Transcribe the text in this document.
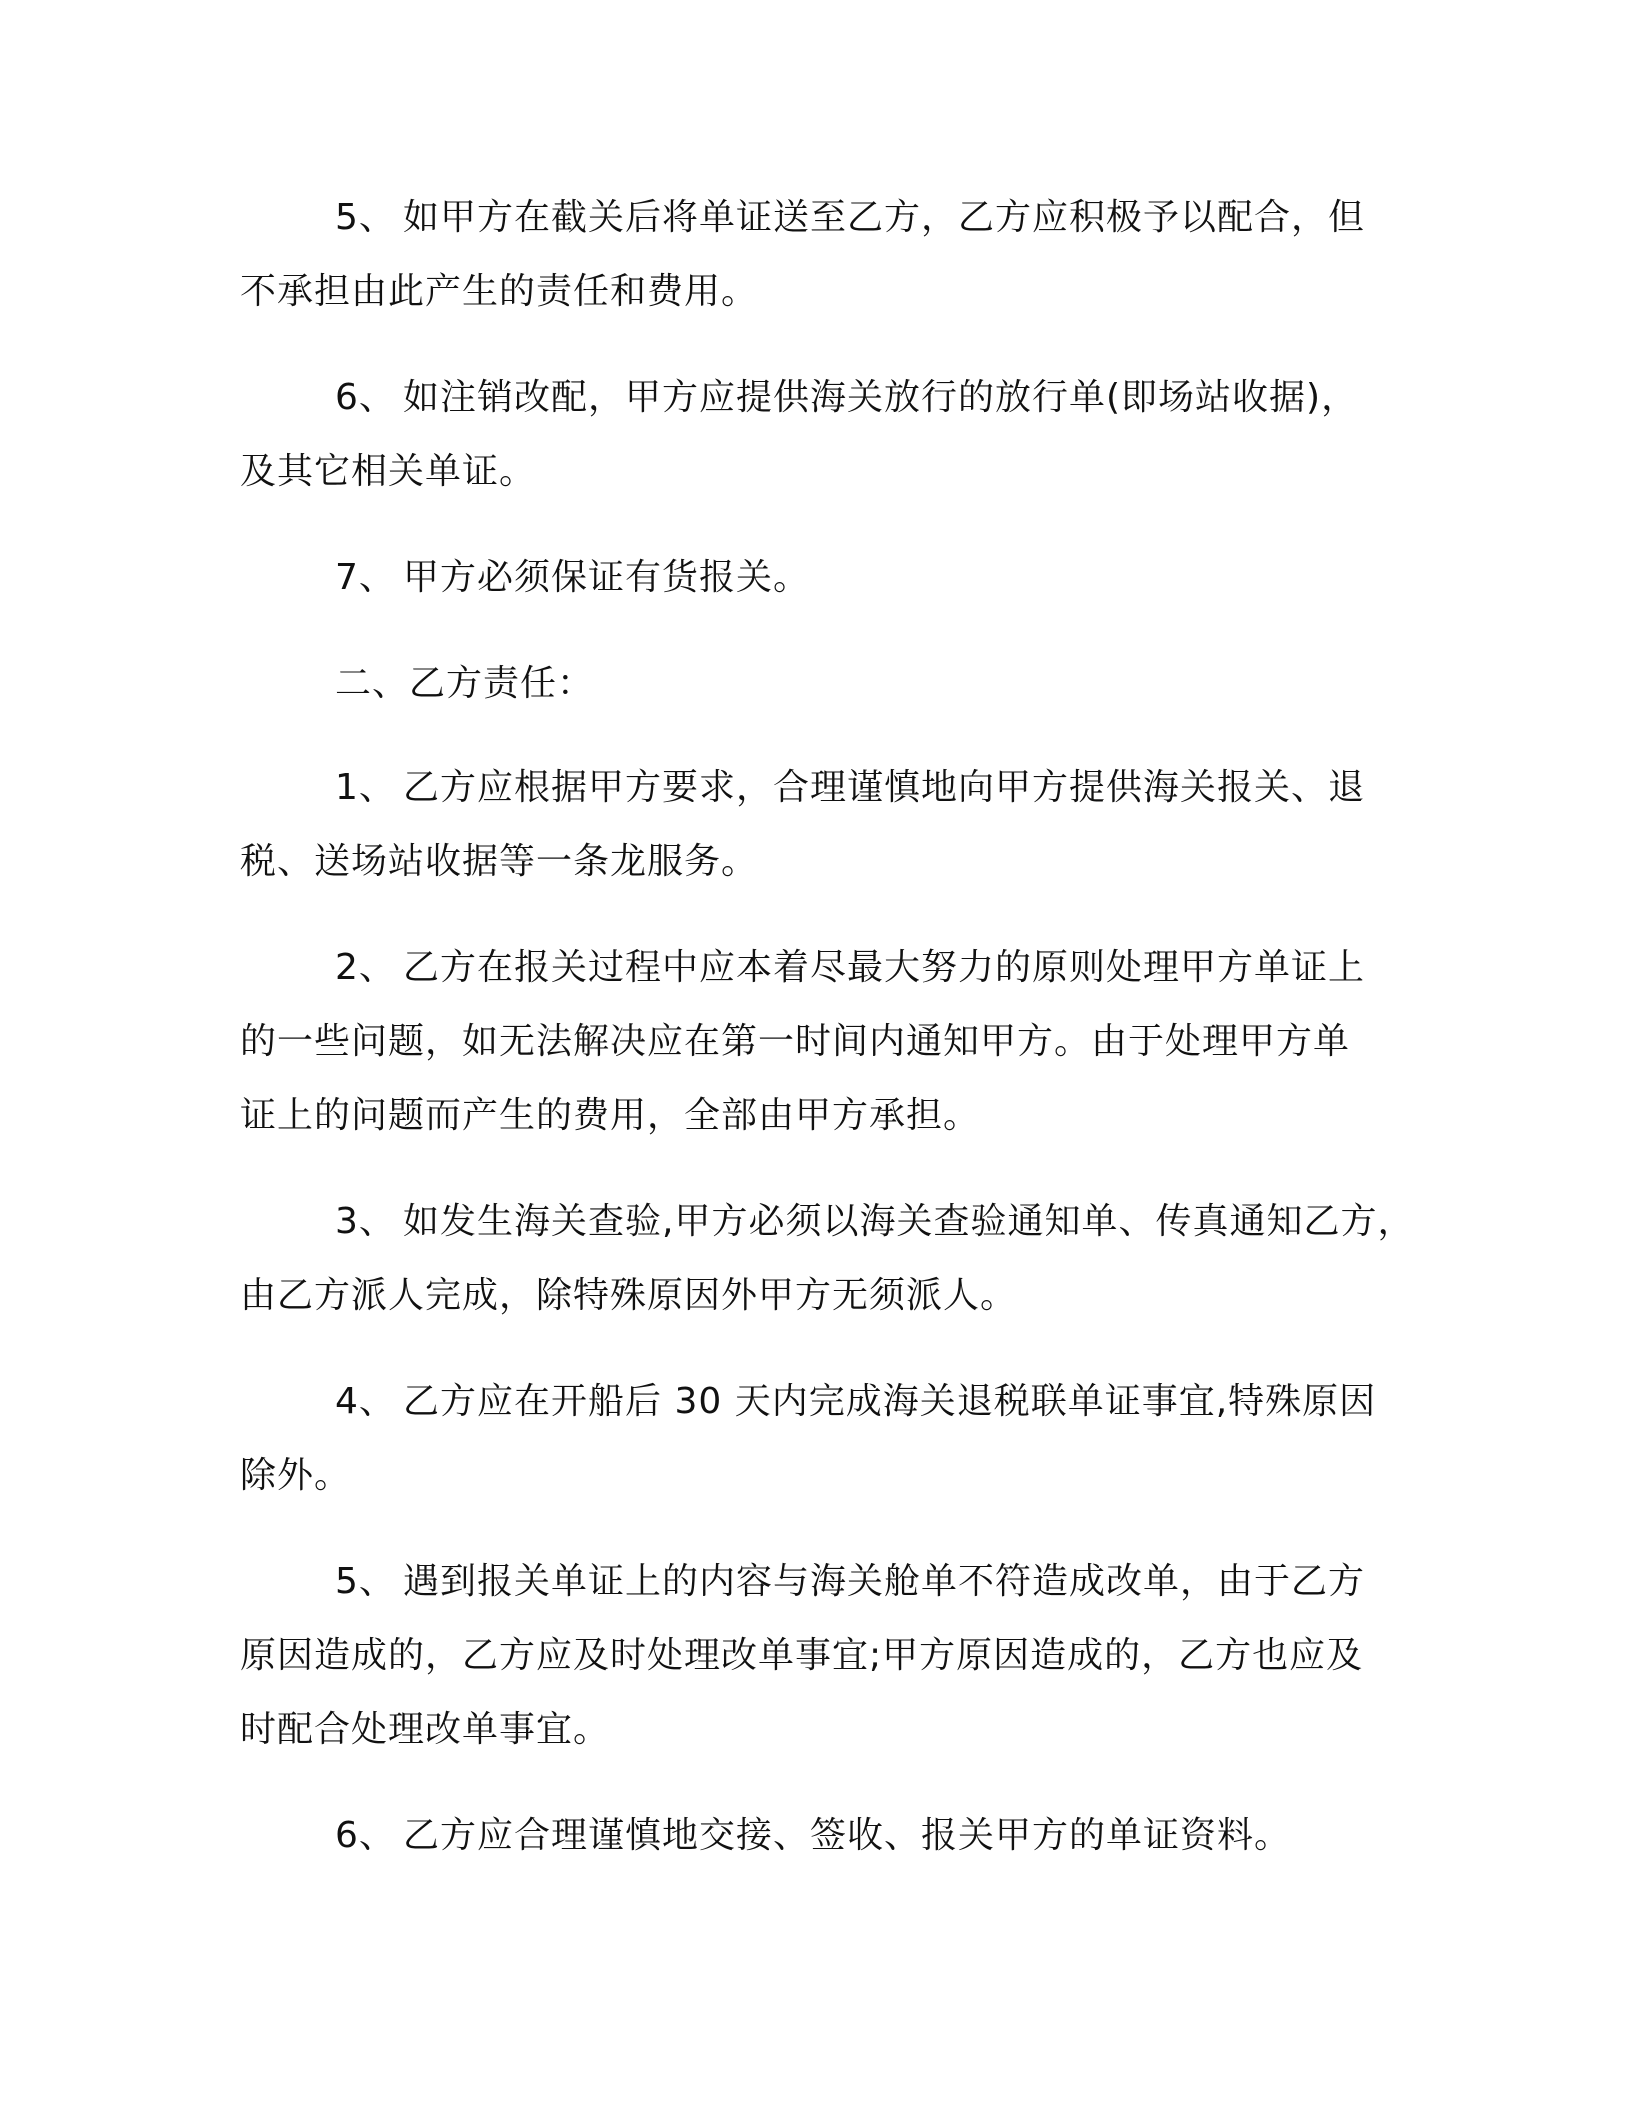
5、 如甲方在截关后将单证送至乙方，乙方应积极予以配合，但
不承担由此产生的责任和费用。
6、 如注销改配，甲方应提供海关放行的放行单(即场站收据)，
及其它相关单证。
7、 甲方必须保证有货报关。
二、乙方责任：
1、 乙方应根据甲方要求，合理谨慎地向甲方提供海关报关、退
税、送场站收据等一条龙服务。
2、 乙方在报关过程中应本着尽最大努力的原则处理甲方单证上
的一些问题，如无法解决应在第一时间内通知甲方。由于处理甲方单
证上的问题而产生的费用，全部由甲方承担。
3、 如发生海关查验,甲方必须以海关查验通知单、传真通知乙方，
由乙方派人完成，除特殊原因外甲方无须派人。
4、 乙方应在开船后 30 天内完成海关退税联单证事宜,特殊原因
除外。
5、 遇到报关单证上的内容与海关舱单不符造成改单，由于乙方
原因造成的，乙方应及时处理改单事宜;甲方原因造成的，乙方也应及
时配合处理改单事宜。
6、 乙方应合理谨慎地交接、签收、报关甲方的单证资料。
